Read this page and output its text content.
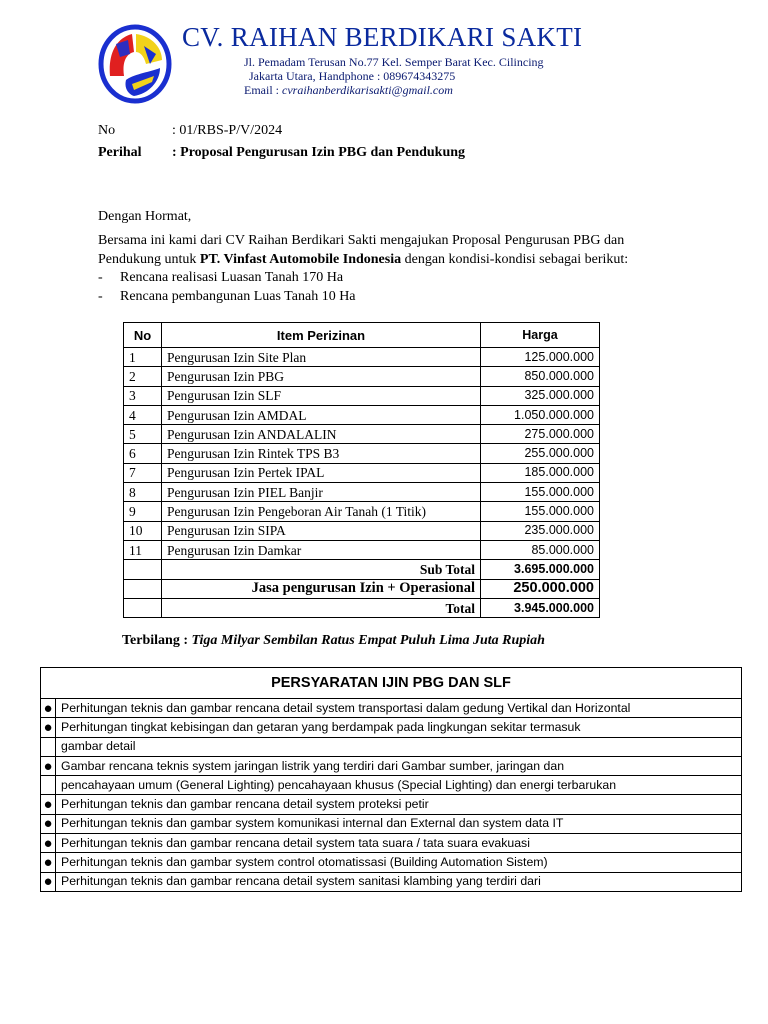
CV. RAIHAN BERDIKARI SAKTI
Jl. Pemadam Terusan No.77 Kel. Semper Barat Kec. Cilincing
Jakarta Utara, Handphone : 089674343275
Email : cvraihanberdikarisakti@gmail.com
No	: 01/RBS-P/V/2024
Perihal : Proposal Pengurusan Izin PBG dan Pendukung
Dengan Hormat,
Bersama ini kami dari CV Raihan Berdikari Sakti mengajukan Proposal Pengurusan PBG dan Pendukung untuk PT. Vinfast Automobile Indonesia dengan kondisi-kondisi sebagai berikut:
- Rencana realisasi Luasan Tanah 170 Ha
- Rencana pembangunan Luas Tanah 10 Ha
No	Item Perizinan	Harga
1	Pengurusan Izin Site Plan	125.000.000
2	Pengurusan Izin PBG	850.000.000
3	Pengurusan Izin SLF	325.000.000
4	Pengurusan Izin AMDAL	1.050.000.000
5	Pengurusan Izin ANDALALIN	275.000.000
6	Pengurusan Izin Rintek TPS B3	255.000.000
7	Pengurusan Izin Pertek IPAL	185.000.000
8	Pengurusan Izin PIEL Banjir	155.000.000
9	Pengurusan Izin Pengeboran Air Tanah (1 Titik)	155.000.000
10	Pengurusan Izin SIPA	235.000.000
11	Pengurusan Izin Damkar	85.000.000
	Sub Total	3.695.000.000
	Jasa pengurusan Izin + Operasional	250.000.000
	Total	3.945.000.000
Terbilang : Tiga Milyar Sembilan Ratus Empat Puluh Lima Juta Rupiah
PERSYARATAN IJIN PBG DAN SLF	
●	Perhitungan teknis dan gambar rencana detail system transportasi dalam gedung Vertikal dan Horizontal
●	Perhitungan tingkat kebisingan dan getaran yang berdampak pada lingkungan sekitar termasuk
	gambar detail
●	Gambar rencana teknis system jaringan listrik yang terdiri dari Gambar sumber, jaringan dan
	pencahayaan umum (General Lighting) pencahayaan khusus (Special Lighting) dan energi terbarukan
●	Perhitungan teknis dan gambar rencana detail system proteksi petir
●	Perhitungan teknis dan gambar system komunikasi internal dan External dan system data IT
●	Perhitungan teknis dan gambar rencana detail system tata suara / tata suara evakuasi
●	Perhitungan teknis dan gambar system control otomatissasi (Building Automation Sistem)
●	Perhitungan teknis dan gambar rencana detail system sanitasi klambing yang terdiri dari
